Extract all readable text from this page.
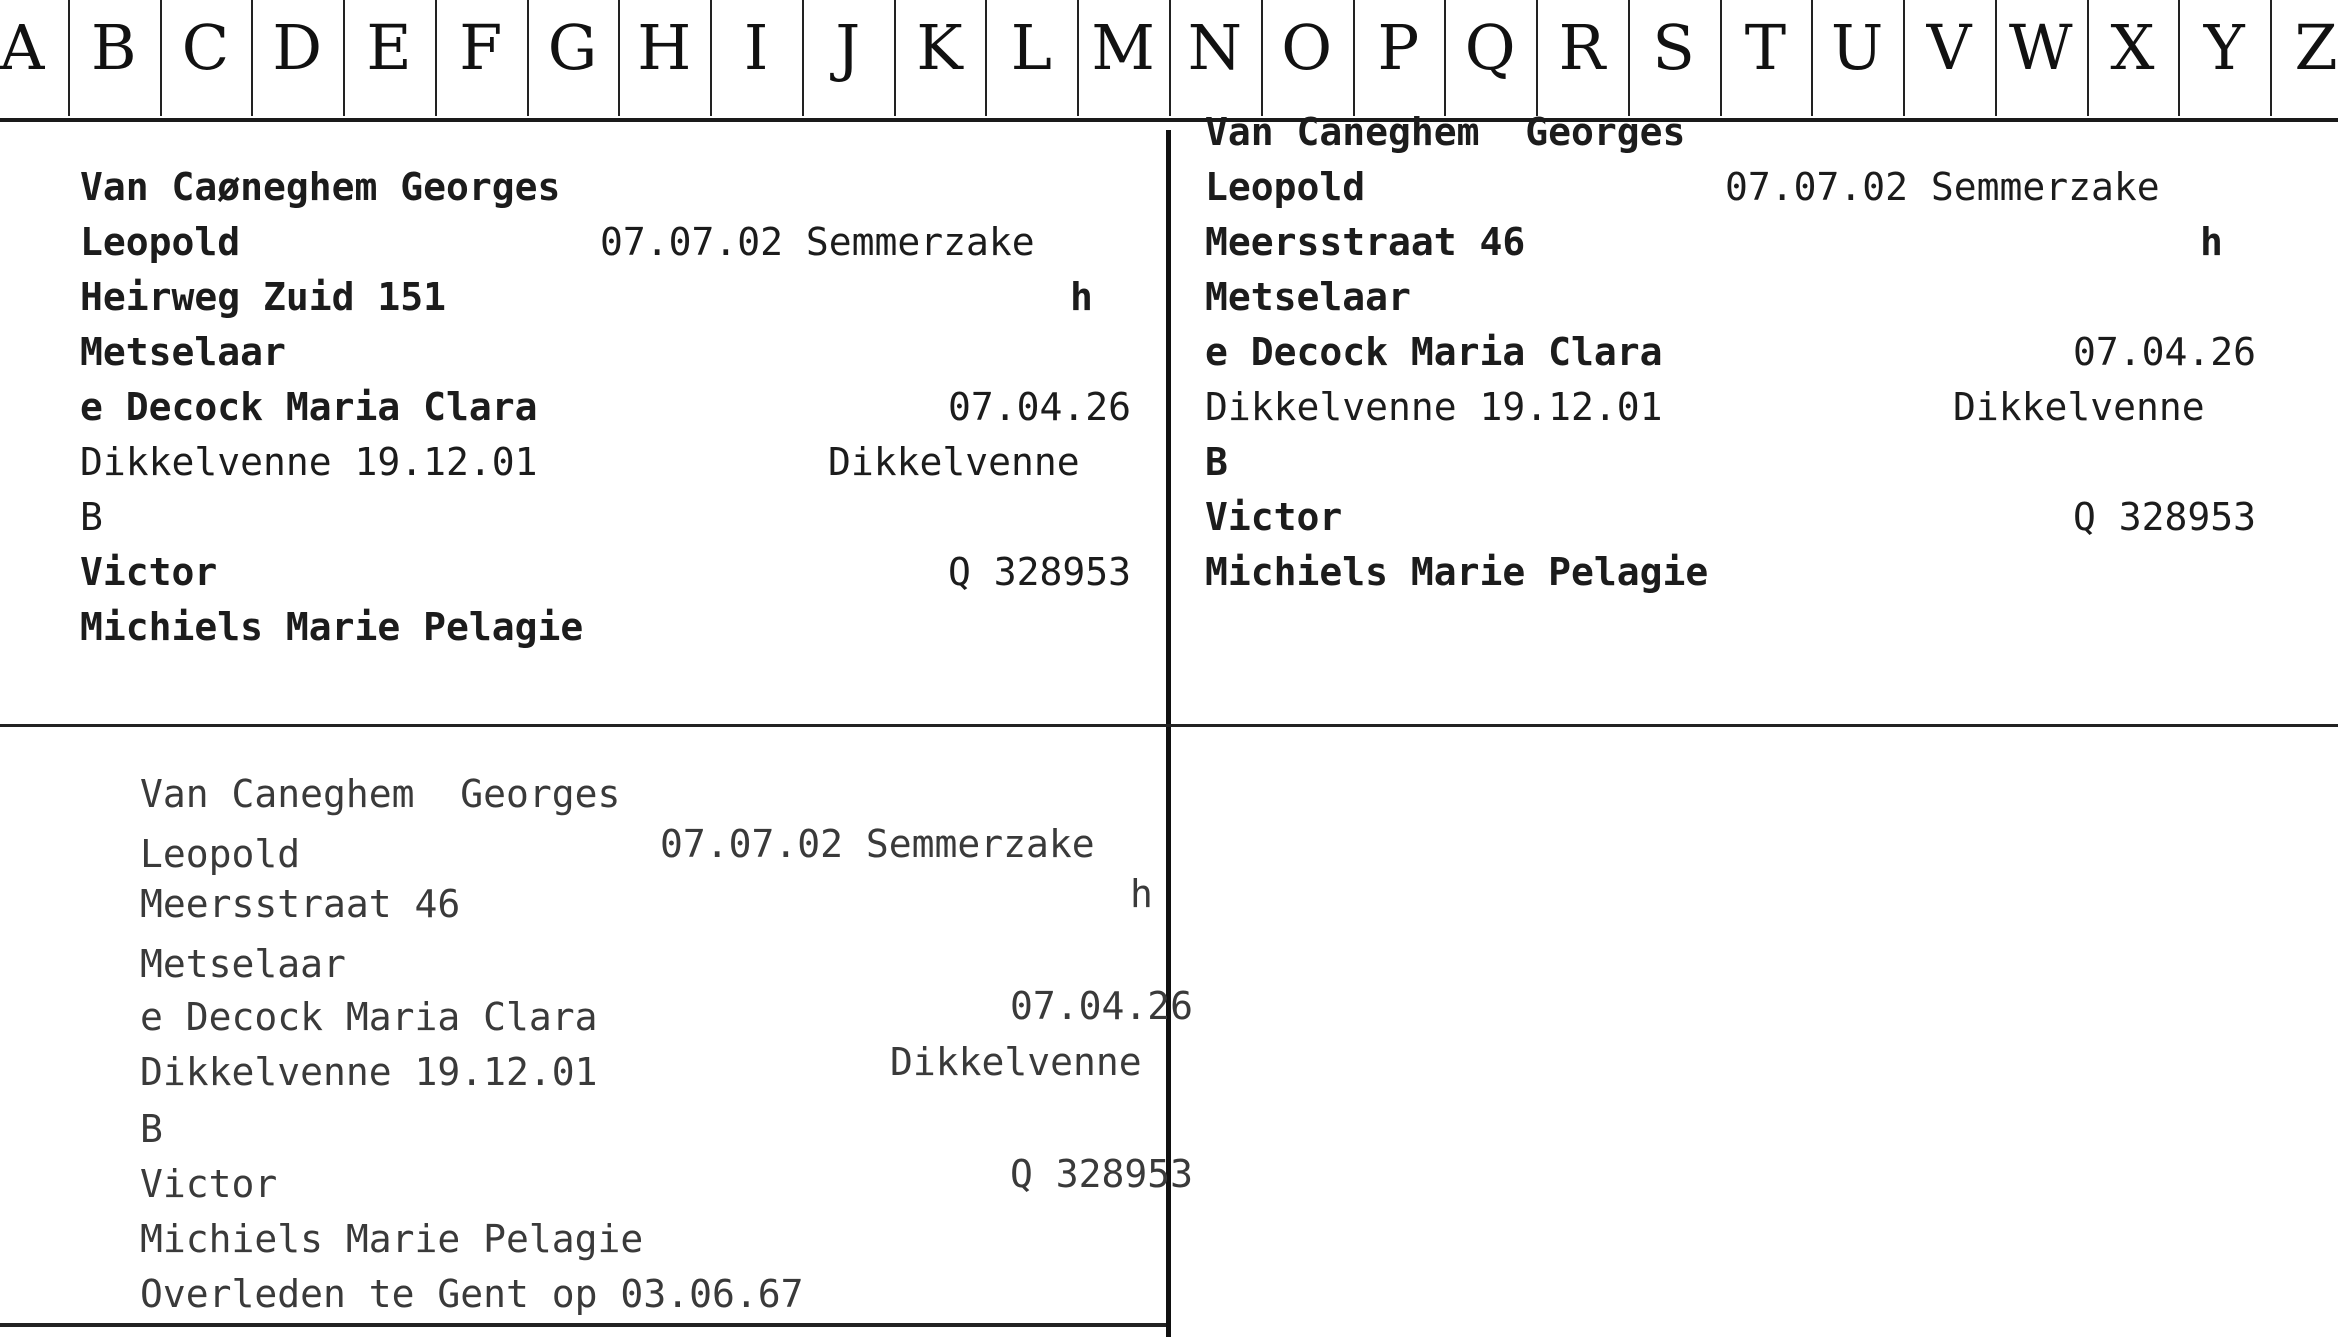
A B C D E F G H I J K L M N O P Q R S T U V W X Y Z
Van Caøneghem Georges
Leopold	07.07.02 Semmerzake
Heirweg Zuid 151	h
Metselaar
e Decock Maria Clara	07.04.26
Dikkelvenne 19.12.01	Dikkelvenne
B
Victor	Q 328953
Michiels Marie Pelagie
Van Caneghem  Georges
Leopold	07.07.02 Semmerzake
Meersstraat 46	h
Metselaar
e Decock Maria Clara	07.04.26
Dikkelvenne 19.12.01	Dikkelvenne
B
Victor	Q 328953
Michiels Marie Pelagie
Van Caneghem  Georges
Leopold	07.07.02 Semmerzake
Meersstraat 46	h
Metselaar
e Decock Maria Clara	07.04.26
Dikkelvenne 19.12.01	Dikkelvenne
B
Victor	Q 328953
Michiels Marie Pelagie
Overleden te Gent op 03.06.67
